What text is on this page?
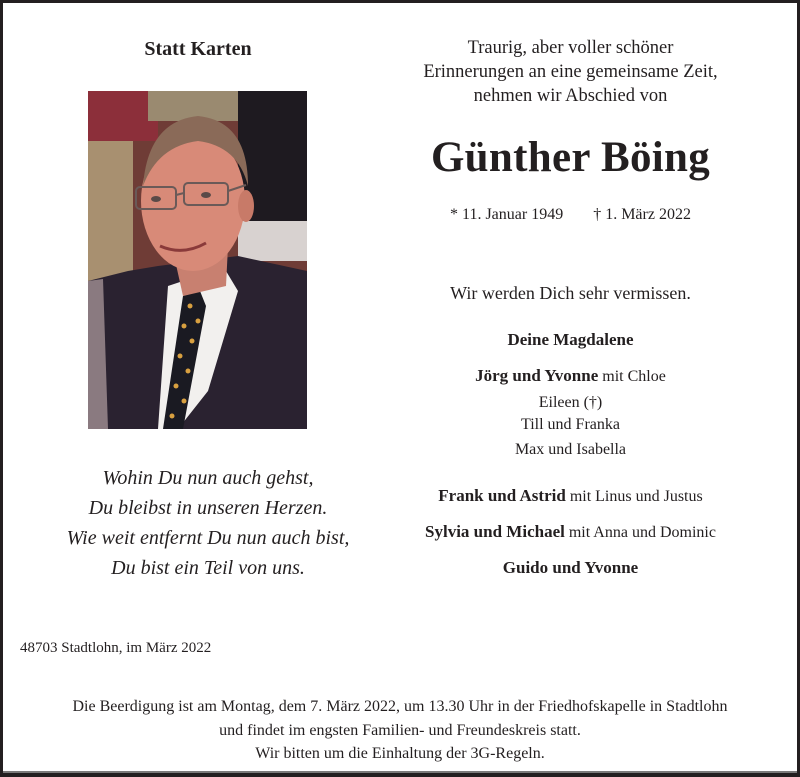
Statt Karten
Wohin Du nun auch gehst,
Du bleibst in unseren Herzen.
Wie weit entfernt Du nun auch bist,
Du bist ein Teil von uns.
Traurig, aber voller schöner
Erinnerungen an eine gemeinsame Zeit,
nehmen wir Abschied von
Günther Böing
* 11. Januar 1949 † 1. März 2022
Wir werden Dich sehr vermissen.
Deine Magdalene
Jörg und Yvonne mit Chloe
Eileen (†)
Till und Franka
Max und Isabella
Frank und Astrid mit Linus und Justus
Sylvia und Michael mit Anna und Dominic
Guido und Yvonne
48703 Stadtlohn, im März 2022
Die Beerdigung ist am Montag, dem 7. März 2022, um 13.30 Uhr in der Friedhofskapelle in Stadtlohn
und findet im engsten Familien- und Freundeskreis statt.
Wir bitten um die Einhaltung der 3G-Regeln.
